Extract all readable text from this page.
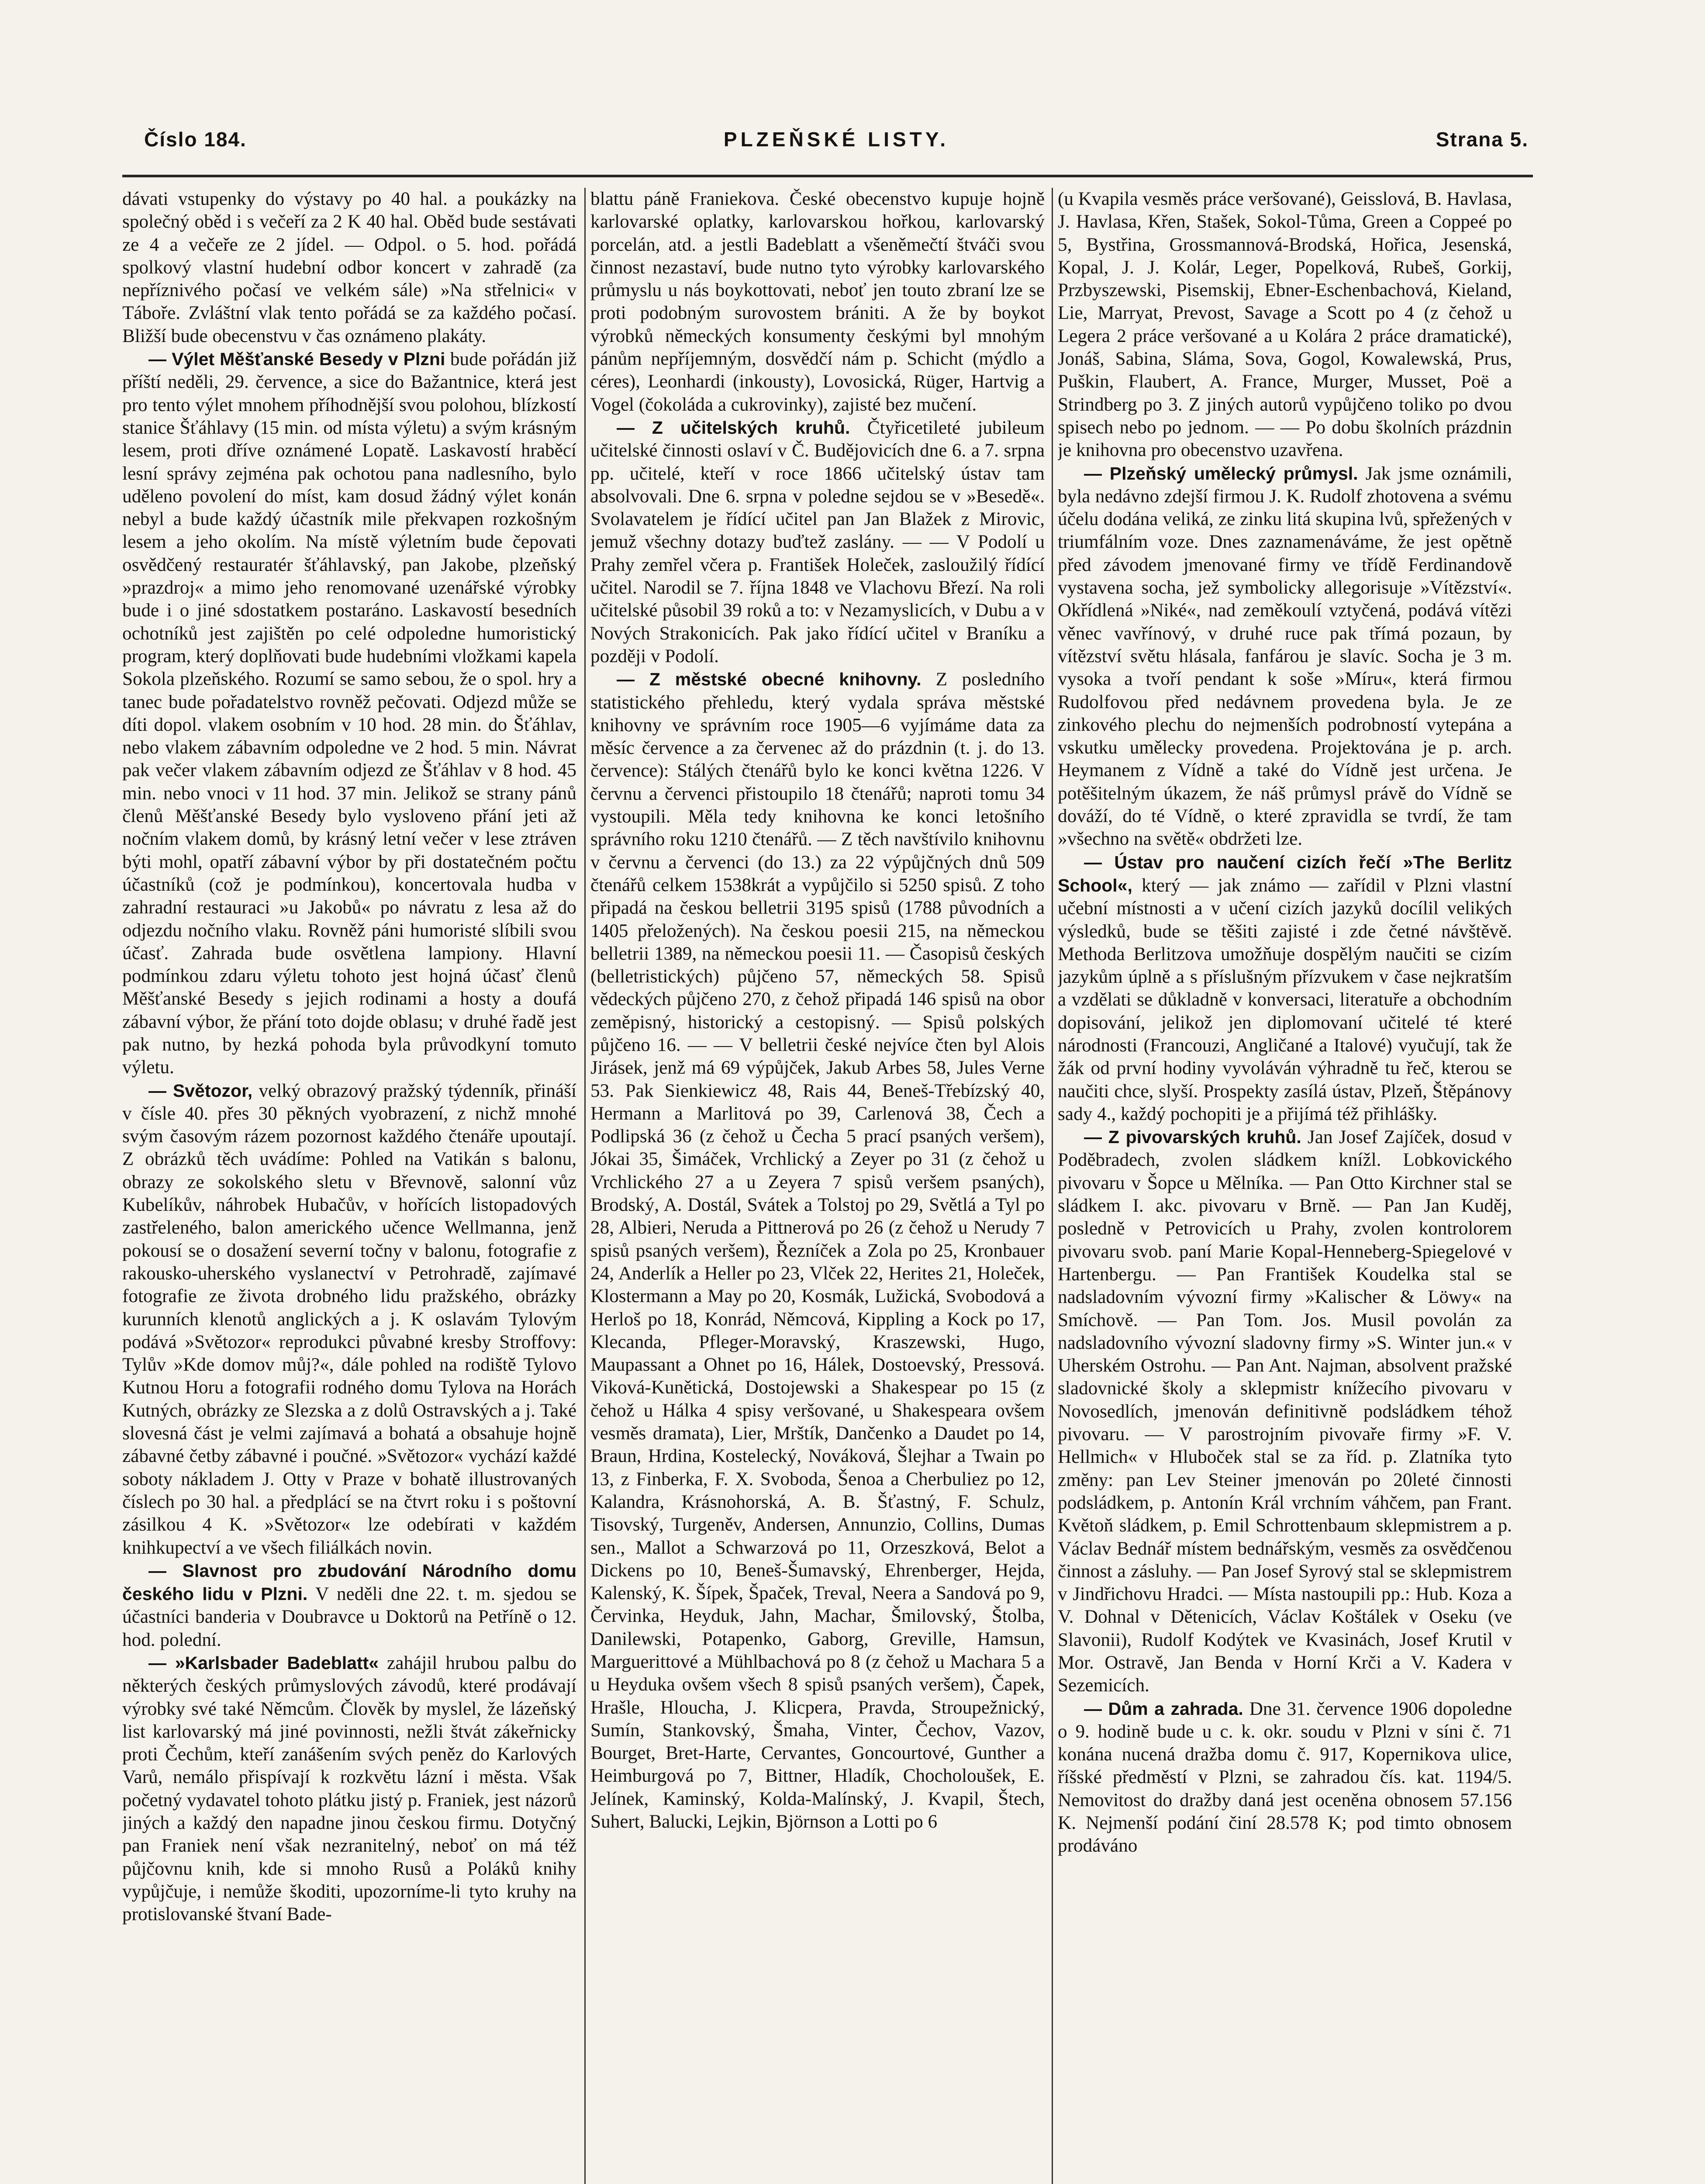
Číslo 184.	PLZEŇSKÉ LISTY.	Strana 5.

dávati vstupenky do výstavy po 40 hal. a poukázky na společný oběd i s večeří za 2 K 40 hal. Oběd bude sestávati ze 4 a večeře ze 2 jídel. — Odpol. o 5. hod. pořádá spolkový vlastní hudební odbor koncert v zahradě (za nepříznivého počasí ve velkém sále) »Na střelnici« v Táboře. Zvláštní vlak tento pořádá se za každého počasí. Bližší bude obecenstvu v čas oznámeno plakáty.

— Výlet Měšťanské Besedy v Plzni bude pořádán již příští neděli, 29. července, a sice do Bažantnice, která jest pro tento výlet mnohem příhodnější svou polohou, blízkostí stanice Šťáhlavy (15 min. od místa výletu) a svým krásným lesem, proti dříve oznámené Lopatě. Laskavostí hraběcí lesní správy zejména pak ochotou pana nadlesního, bylo uděleno povolení do míst, kam dosud žádný výlet konán nebyl a bude každý účastník mile překvapen rozkošným lesem a jeho okolím. Na místě výletním bude čepovati osvědčený restauratér šťáhlavský, pan Jakobe, plzeňský »prazdroj« a mimo jeho renomované uzenářské výrobky bude i o jiné sdostatkem postaráno. Laskavostí besedních ochotníků jest zajištěn po celé odpoledne humoristický program, který doplňovati bude hudebními vložkami kapela Sokola plzeňského. Rozumí se samo sebou, že o spol. hry a tanec bude pořadatelstvo rovněž pečovati. Odjezd může se díti dopol. vlakem osobním v 10 hod. 28 min. do Šťáhlav, nebo vlakem zábavním odpoledne ve 2 hod. 5 min. Návrat pak večer vlakem zábavním odjezd ze Šťáhlav v 8 hod. 45 min. nebo vnoci v 11 hod. 37 min. Jelikož se strany pánů členů Měšťanské Besedy bylo vysloveno přání jeti až nočním vlakem domů, by krásný letní večer v lese ztráven býti mohl, opatří zábavní výbor by při dostatečném počtu účastníků (což je podmínkou), koncertovala hudba v zahradní restauraci »u Jakobů« po návratu z lesa až do odjezdu nočního vlaku. Rovněž páni humoristé slíbili svou účasť. Zahrada bude osvětlena lampiony. Hlavní podmínkou zdaru výletu tohoto jest hojná účasť členů Měšťanské Besedy s jejich rodinami a hosty a doufá zábavní výbor, že přání toto dojde oblasu; v druhé řadě jest pak nutno, by hezká pohoda byla průvodkyní tomuto výletu.

— Světozor, velký obrazový pražský týdenník, přináší v čísle 40. přes 30 pěkných vyobrazení, z nichž mnohé svým časovým rázem pozornost každého čtenáře upoutají. Z obrázků těch uvádíme: Pohled na Vatikán s balonu, obrazy ze sokolského sletu v Břevnově, salonní vůz Kubelíkův, náhrobek Hubačův, v hořících listopadových zastřeleného, balon amerického učence Wellmanna, jenž pokousí se o dosažení severní točny v balonu, fotografie z rakousko-uherského vyslanectví v Petrohradě, zajímavé fotografie ze života drobného lidu pražského, obrázky kurunních klenotů anglických a j. K oslavám Tylovým podává »Světozor« reprodukci půvabné kresby Stroffovy: Tylův »Kde domov můj?«, dále pohled na rodiště Tylovo Kutnou Horu a fotografii rodného domu Tylova na Horách Kutných, obrázky ze Slezska a z dolů Ostravských a j. Také slovesná část je velmi zajímavá a bohatá a obsahuje hojně zábavné četby zábavné i poučné. »Světozor« vychází každé soboty nákladem J. Otty v Praze v bohatě illustrovaných číslech po 30 hal. a předplácí se na čtvrt roku i s poštovní zásilkou 4 K. »Světozor« lze odebírati v každém knihkupectví a ve všech filiálkách novin.

— Slavnost pro zbudování Národního domu českého lidu v Plzni. V neděli dne 22. t. m. sjedou se účastníci banderia v Doubravce u Doktorů na Petříně o 12. hod. polední.

— »Karlsbader Badeblatt« zahájil hrubou palbu do některých českých průmyslových závodů, které prodávají výrobky své také Němcům. Člověk by myslel, že lázeňský list karlovarský má jiné povinnosti, nežli štvát zákeřnicky proti Čechům, kteří zanášením svých peněz do Karlových Varů, nemálo přispívají k rozkvětu lázní i města. Však početný vydavatel tohoto plátku jistý p. Franiek, jest názorů jiných a každý den napadne jinou českou firmu. Dotyčný pan Franiek není však nezranitelný, neboť on má též půjčovnu knih, kde si mnoho Rusů a Poláků knihy vypůjčuje, i nemůže škoditi, upozorníme-li tyto kruhy na protislovanské štvaní Bade-

blattu páně Franiekova. České obecenstvo kupuje hojně karlovarské oplatky, karlovarskou hořkou, karlovarský porcelán, atd. a jestli Badeblatt a všeněmečtí štváči svou činnost nezastaví, bude nutno tyto výrobky karlovarského průmyslu u nás boykottovati, neboť jen touto zbraní lze se proti podobným surovostem brániti. A že by boykot výrobků německých konsumenty českými byl mnohým pánům nepříjemným, dosvědčí nám p. Schicht (mýdlo a céres), Leonhardi (inkousty), Lovosická, Rüger, Hartvig a Vogel (čokoláda a cukrovinky), zajisté bez mučení.

— Z učitelských kruhů. Čtyřicetileté jubileum učitelské činnosti oslaví v Č. Budějovicích dne 6. a 7. srpna pp. učitelé, kteří v roce 1866 učitelský ústav tam absolvovali. Dne 6. srpna v poledne sejdou se v »Besedě«. Svolavatelem je řídící učitel pan Jan Blažek z Mirovic, jemuž všechny dotazy buďtež zaslány. — — V Podolí u Prahy zemřel včera p. František Holeček, zasloužilý řídící učitel. Narodil se 7. října 1848 ve Vlachovu Březí. Na roli učitelské působil 39 roků a to: v Nezamyslicích, v Dubu a v Nových Strakonicích. Pak jako řídící učitel v Braníku a později v Podolí.

— Z městské obecné knihovny. Z posledního statistického přehledu, který vydala správa městské knihovny ve správním roce 1905—6 vyjímáme data za měsíc července a za červenec až do prázdnin (t. j. do 13. července): Stálých čtenářů bylo ke konci května 1226. V červnu a červenci přistoupilo 18 čtenářů; naproti tomu 34 vystoupili. Měla tedy knihovna ke konci letošního správního roku 1210 čtenářů. — Z těch navštívilo knihovnu v červnu a červenci (do 13.) za 22 výpůjčných dnů 509 čtenářů celkem 1538krát a vypůjčilo si 5250 spisů. Z toho připadá na českou belletrii 3195 spisů (1788 původních a 1405 přeložených). Na českou poesii 215, na německou belletrii 1389, na německou poesii 11. — Časopisů českých (belletristických) půjčeno 57, německých 58. Spisů vědeckých půjčeno 270, z čehož připadá 146 spisů na obor zeměpisný, historický a cestopisný. — Spisů polských půjčeno 16. — — V belletrii české nejvíce čten byl Alois Jirásek, jenž má 69 výpůjček, Jakub Arbes 58, Jules Verne 53. Pak Sienkiewicz 48, Rais 44, Beneš-Třebízský 40, Hermann a Marlitová po 39, Carlenová 38, Čech a Podlipská 36 (z čehož u Čecha 5 prací psaných veršem), Jókai 35, Šimáček, Vrchlický a Zeyer po 31 (z čehož u Vrchlického 27 a u Zeyera 7 spisů veršem psaných), Brodský, A. Dostál, Svátek a Tolstoj po 29, Světlá a Tyl po 28, Albieri, Neruda a Pittnerová po 26 (z čehož u Nerudy 7 spisů psaných veršem), Řezníček a Zola po 25, Kronbauer 24, Anderlík a Heller po 23, Vlček 22, Herites 21, Holeček, Klostermann a May po 20, Kosmák, Lužická, Svobodová a Herloš po 18, Konrád, Němcová, Kippling a Kock po 17, Klecanda, Pfleger-Moravský, Kraszewski, Hugo, Maupassant a Ohnet po 16, Hálek, Dostoevský, Pressová. Viková-Kunětická, Dostojewski a Shakespear po 15 (z čehož u Hálka 4 spisy veršované, u Shakespeara ovšem vesměs dramata), Lier, Mrštík, Dančenko a Daudet po 14, Braun, Hrdina, Kostelecký, Nováková, Šlejhar a Twain po 13, z Finberka, F. X. Svoboda, Šenoa a Cherbuliez po 12, Kalandra, Krásnohorská, A. B. Šťastný, F. Schulz, Tisovský, Turgeněv, Andersen, Annunzio, Collins, Dumas sen., Mallot a Schwarzová po 11, Orzeszková, Belot a Dickens po 10, Beneš-Šumavský, Ehrenberger, Hejda, Kalenský, K. Šípek, Špaček, Treval, Neera a Sandová po 9, Červinka, Heyduk, Jahn, Machar, Šmilovský, Štolba, Danilewski, Potapenko, Gaborg, Greville, Hamsun, Marguerittové a Mühlbachová po 8 (z čehož u Machara 5 a u Heyduka ovšem všech 8 spisů psaných veršem), Čapek, Hrašle, Hloucha, J. Klicpera, Pravda, Stroupežnický, Sumín, Stankovský, Šmaha, Vinter, Čechov, Vazov, Bourget, Bret-Harte, Cervantes, Goncourtové, Gunther a Heimburgová po 7, Bittner, Hladík, Chocholoušek, E. Jelínek, Kaminský, Kolda-Malínský, J. Kvapil, Štech, Suhert, Balucki, Lejkin, Björnson a Lotti po 6

(u Kvapila vesměs práce veršované), Geisslová, B. Havlasa, J. Havlasa, Křen, Stašek, Sokol-Tůma, Green a Coppeé po 5, Bystřina, Grossmannová-Brodská, Hořica, Jesenská, Kopal, J. J. Kolár, Leger, Popelková, Rubeš, Gorkij, Przbyszewski, Pisemskij, Ebner-Eschenbachová, Kieland, Lie, Marryat, Prevost, Savage a Scott po 4 (z čehož u Legera 2 práce veršované a u Kolára 2 práce dramatické), Jonáš, Sabina, Sláma, Sova, Gogol, Kowalewská, Prus, Puškin, Flaubert, A. France, Murger, Musset, Poë a Strindberg po 3. Z jiných autorů vypůjčeno toliko po dvou spisech nebo po jednom. — — Po dobu školních prázdnin je knihovna pro obecenstvo uzavřena.

— Plzeňský umělecký průmysl. Jak jsme oznámili, byla nedávno zdejší firmou J. K. Rudolf zhotovena a svému účelu dodána veliká, ze zinku litá skupina lvů, spřežených v triumfálním voze. Dnes zaznamenáváme, že jest opětně před závodem jmenované firmy ve třídě Ferdinandově vystavena socha, jež symbolicky allegorisuje »Vítězství«. Okřídlená »Niké«, nad zeměkoulí vztyčená, podává vítězi věnec vavřínový, v druhé ruce pak třímá pozaun, by vítězství světu hlásala, fanfárou je slavíc. Socha je 3 m. vysoka a tvoří pendant k soše »Míru«, která firmou Rudolfovou před nedávnem provedena byla. Je ze zinkového plechu do nejmenších podrobností vytepána a vskutku umělecky provedena. Projektována je p. arch. Heymanem z Vídně a také do Vídně jest určena. Je potěšitelným úkazem, že náš průmysl právě do Vídně se dováží, do té Vídně, o které zpravidla se tvrdí, že tam »všechno na světě« obdržeti lze.

— Ústav pro naučení cizích řečí »The Berlitz School«, který — jak známo — zařídil v Plzni vlastní učební místnosti a v učení cizích jazyků docílil velikých výsledků, bude se těšiti zajisté i zde četné návštěvě. Methoda Berlitzova umožňuje dospělým naučiti se cizím jazykům úplně a s příslušným přízvukem v čase nejkratším a vzdělati se důkladně v konversaci, literatuře a obchodním dopisování, jelikož jen diplomovaní učitelé té které národnosti (Francouzi, Angličané a Italové) vyučují, tak že žák od první hodiny vyvoláván výhradně tu řeč, kterou se naučiti chce, slyší. Prospekty zasílá ústav, Plzeň, Štěpánovy sady 4., každý pochopiti je a přijímá též přihlášky.

— Z pivovarských kruhů. Jan Josef Zajíček, dosud v Poděbradech, zvolen sládkem knížl. Lobkovického pivovaru v Šopce u Mělníka. — Pan Otto Kirchner stal se sládkem I. akc. pivovaru v Brně. — Pan Jan Kuděj, posledně v Petrovicích u Prahy, zvolen kontrolorem pivovaru svob. paní Marie Kopal-Henneberg-Spiegelové v Hartenbergu. — Pan František Koudelka stal se nadsladovním vývozní firmy »Kalischer & Löwy« na Smíchově. — Pan Tom. Jos. Musil povolán za nadsladovního vývozní sladovny firmy »S. Winter jun.« v Uherském Ostrohu. — Pan Ant. Najman, absolvent pražské sladovnické školy a sklepmistr knížecího pivovaru v Novosedlích, jmenován definitivně podsládkem téhož pivovaru. — V parostrojním pivovaře firmy »F. V. Hellmich« v Hluboček stal se za říd. p. Zlatníka tyto změny: pan Lev Steiner jmenován po 20leté činnosti podsládkem, p. Antonín Král vrchním váhčem, pan Frant. Květoň sládkem, p. Emil Schrottenbaum sklepmistrem a p. Václav Bednář místem bednářským, vesměs za osvědčenou činnost a zásluhy. — Pan Josef Syrový stal se sklepmistrem v Jindřichovu Hradci. — Místa nastoupili pp.: Hub. Koza a V. Dohnal v Dětenicích, Václav Koštálek v Oseku (ve Slavonii), Rudolf Kodýtek ve Kvasinách, Josef Krutil v Mor. Ostravě, Jan Benda v Horní Krči a V. Kadera v Sezemicích.

— Dům a zahrada. Dne 31. července 1906 dopoledne o 9. hodině bude u c. k. okr. soudu v Plzni v síni č. 71 konána nucená dražba domu č. 917, Kopernikova ulice, říšské předměstí v Plzni, se zahradou čís. kat. 1194/5. Nemovitost do dražby daná jest oceněna obnosem 57.156 K. Nejmenší podání činí 28.578 K; pod timto obnosem prodáváno
